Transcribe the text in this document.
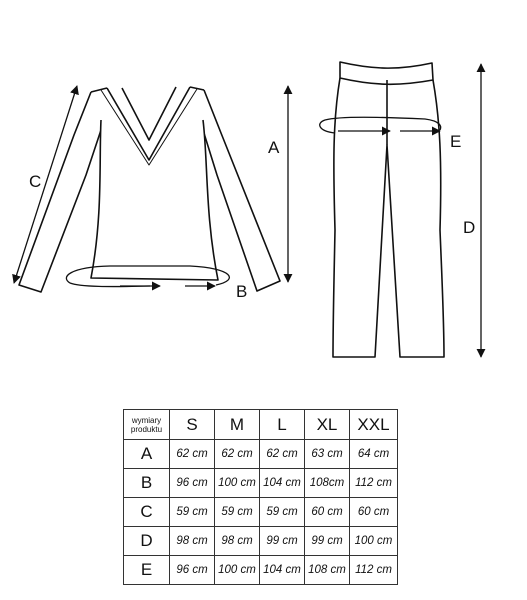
A
C
B
E
D
wymiary produktu	S	M	L	XL	XXL
A	62 cm	62 cm	62 cm	63 cm	64 cm
B	96 cm	100 cm	104 cm	108cm	112 cm
C	59 cm	59 cm	59 cm	60 cm	60 cm
D	98 cm	98 cm	99 cm	99 cm	100 cm
E	96 cm	100 cm	104 cm	108 cm	112 cm
